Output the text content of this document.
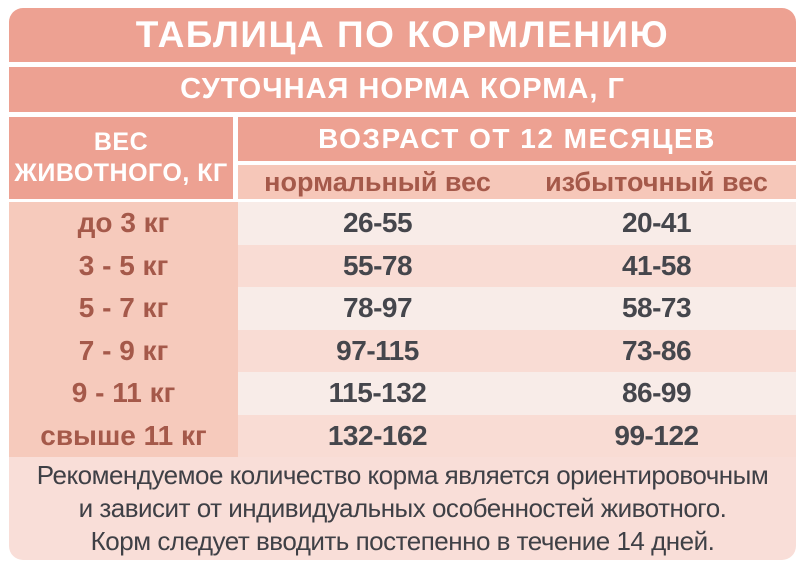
ТАБЛИЦА ПО КОРМЛЕНИЮ
СУТОЧНАЯ НОРМА КОРМА, Г
ВЕС
ЖИВОТНОГО, КГ
ВОЗРАСТ ОТ 12 МЕСЯЦЕВ
нормальный вес	избыточный вес
до 3 кг	26-55	20-41
3 - 5 кг	55-78	41-58
5 - 7 кг	78-97	58-73
7 - 9 кг	97-115	73-86
9 - 11 кг	115-132	86-99
свыше 11 кг	132-162	99-122
Рекомендуемое количество корма является ориентировочным
и зависит от индивидуальных особенностей животного.
Корм следует вводить постепенно в течение 14 дней.
